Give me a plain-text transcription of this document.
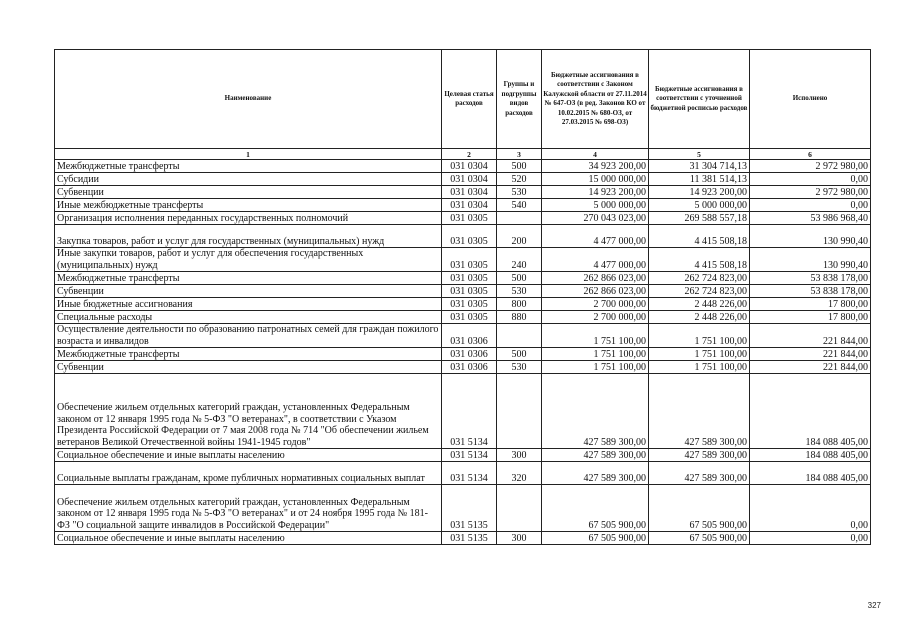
Наименование	Целевая статья расходов	Группы и подгруппы видов расходов	Бюджетные ассигнования в соответствии с Законом Калужской области от 27.11.2014 № 647-ОЗ (в ред. Законов КО от 10.02.2015 № 680-ОЗ, от 27.03.2015 № 698-ОЗ)	Бюджетные ассигнования в соответствии с уточненной бюджетной росписью расходов	Исполнено
1	2	3	4	5	6
Межбюджетные трансферты	031 0304	500	34 923 200,00	31 304 714,13	2 972 980,00
Субсидии	031 0304	520	15 000 000,00	11 381 514,13	0,00
Субвенции	031 0304	530	14 923 200,00	14 923 200,00	2 972 980,00
Иные межбюджетные трансферты	031 0304	540	5 000 000,00	5 000 000,00	0,00
Организация исполнения переданных государственных полномочий	031 0305		270 043 023,00	269 588 557,18	53 986 968,40
Закупка товаров, работ и услуг для государственных (муниципальных) нужд	031 0305	200	4 477 000,00	4 415 508,18	130 990,40
Иные закупки товаров, работ и услуг для обеспечения государственных (муниципальных) нужд	031 0305	240	4 477 000,00	4 415 508,18	130 990,40
Межбюджетные трансферты	031 0305	500	262 866 023,00	262 724 823,00	53 838 178,00
Субвенции	031 0305	530	262 866 023,00	262 724 823,00	53 838 178,00
Иные бюджетные ассигнования	031 0305	800	2 700 000,00	2 448 226,00	17 800,00
Специальные расходы	031 0305	880	2 700 000,00	2 448 226,00	17 800,00
Осуществление деятельности по образованию патронатных семей для граждан пожилого возраста и инвалидов	031 0306		1 751 100,00	1 751 100,00	221 844,00
Межбюджетные трансферты	031 0306	500	1 751 100,00	1 751 100,00	221 844,00
Субвенции	031 0306	530	1 751 100,00	1 751 100,00	221 844,00
Обеспечение жильем отдельных категорий граждан, установленных Федеральным законом от 12 января 1995 года № 5-ФЗ "О ветеранах", в соответствии с Указом Президента Российской Федерации от 7 мая 2008 года № 714 "Об обеспечении жильем ветеранов Великой Отечественной войны 1941-1945 годов"	031 5134		427 589 300,00	427 589 300,00	184 088 405,00
Социальное обеспечение и иные выплаты населению	031 5134	300	427 589 300,00	427 589 300,00	184 088 405,00
Социальные выплаты гражданам, кроме публичных нормативных социальных выплат	031 5134	320	427 589 300,00	427 589 300,00	184 088 405,00
Обеспечение жильем отдельных категорий граждан, установленных Федеральным законом от 12 января 1995 года № 5-ФЗ "О ветеранах" и от 24 ноября 1995 года № 181-ФЗ "О социальной защите инвалидов в Российской Федерации"	031 5135		67 505 900,00	67 505 900,00	0,00
Социальное обеспечение и иные выплаты населению	031 5135	300	67 505 900,00	67 505 900,00	0,00
327
